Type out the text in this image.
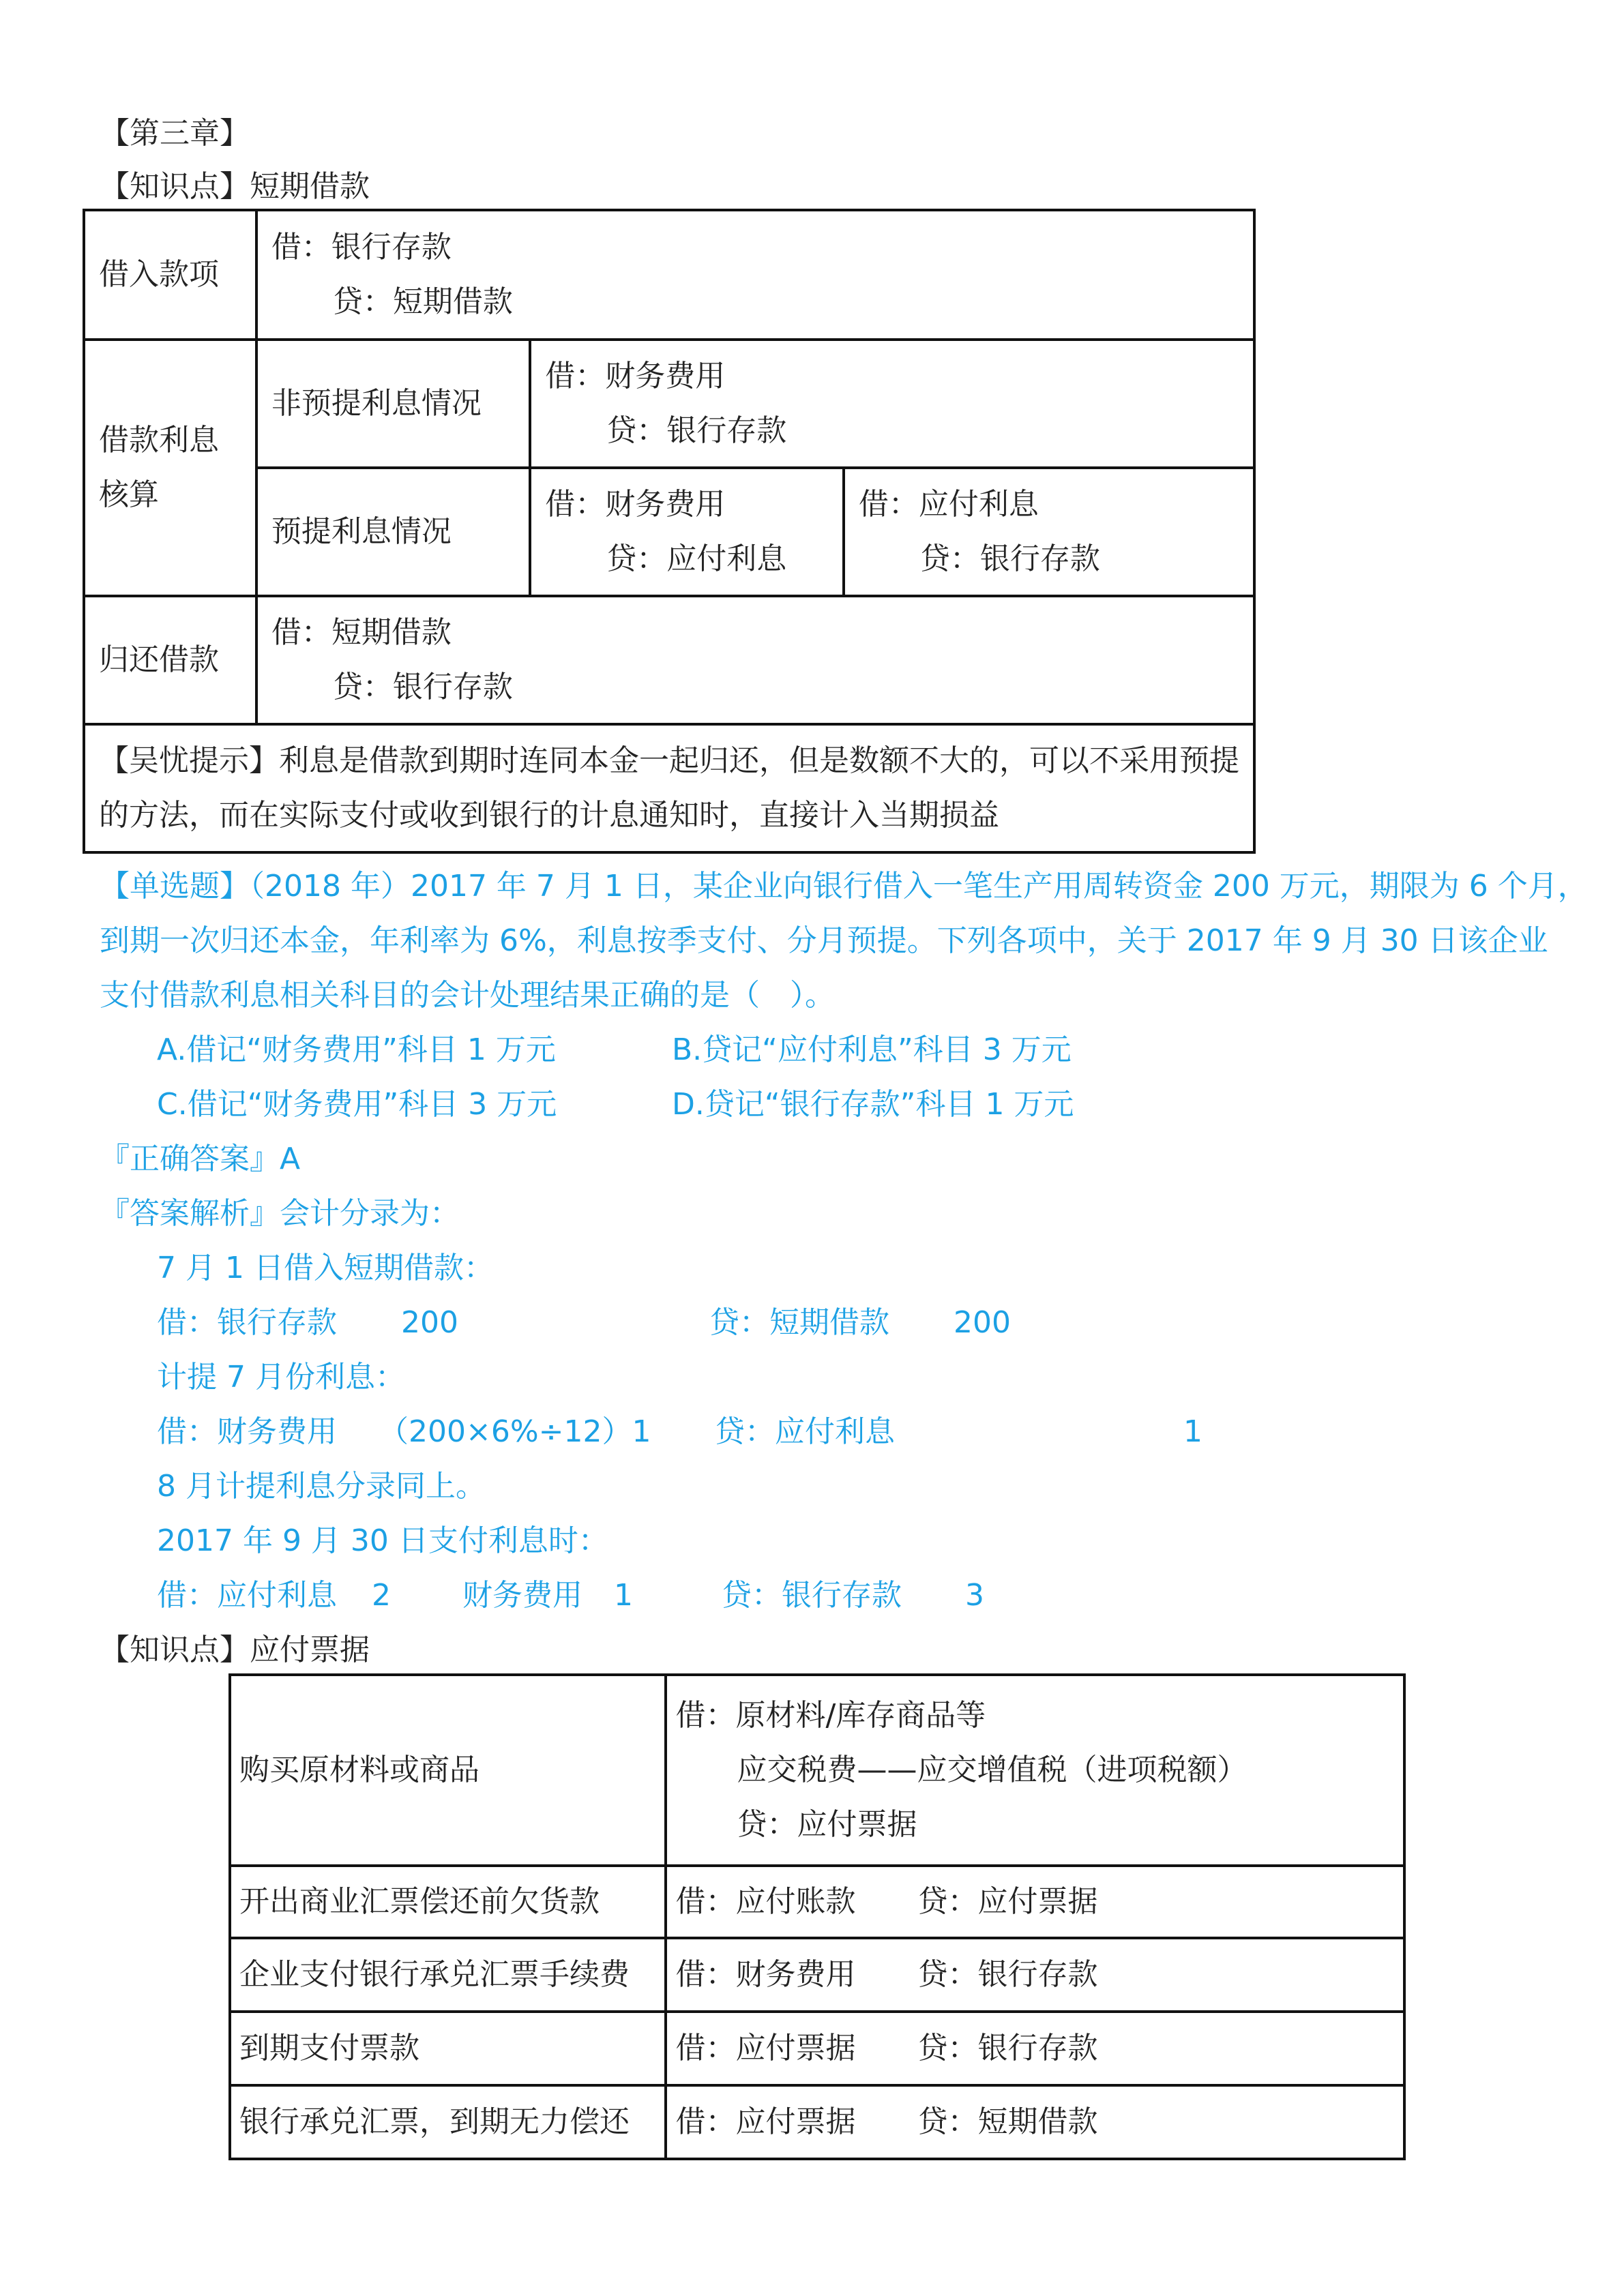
【第三章】
【知识点】短期借款
借入款项	借：银行存款
贷：短期借款		

借款利息
核算	非预提利息情况	借：财务费用
贷：银行存款	

	预提利息情况	借：财务费用
贷：应付利息	借：应付利息
贷：银行存款

归还借款	借：短期借款
贷：银行存款		

【吴忧提示】利息是借款到期时连同本金一起归还，但是数额不大的，可以不采用预提
的方法，而在实际支付或收到银行的计息通知时，直接计入当期损益			
【单选题】（2018 年）2017 年 7 月 1 日，某企业向银行借入一笔生产用周转资金 200 万元，期限为 6 个月，
到期一次归还本金，年利率为 6%，利息按季支付、分月预提。下列各项中，关于 2017 年 9 月 30 日该企业
支付借款利息相关科目的会计处理结果正确的是（　）。
A.借记“财务费用”科目 1 万元	B.贷记“应付利息”科目 3 万元
C.借记“财务费用”科目 3 万元	D.贷记“银行存款”科目 1 万元
『正确答案』A
『答案解析』会计分录为：
7 月 1 日借入短期借款：
借：银行存款 200	贷：短期借款 200
计提 7 月份利息：
借：财务费用 （200×6%÷12）1 贷：应付利息	1
8 月计提利息分录同上。
2017 年 9 月 30 日支付利息时：
借：应付利息 2 财务费用 1	贷：银行存款 3
【知识点】应付票据
购买原材料或商品	借：原材料/库存商品等
应交税费——应交增值税（进项税额）
贷：应付票据

开出商业汇票偿还前欠货款	借：应付账款 贷：应付票据
企业支付银行承兑汇票手续费	借：财务费用 贷：银行存款
到期支付票款	借：应付票据 贷：银行存款
银行承兑汇票，到期无力偿还	借：应付票据 贷：短期借款
